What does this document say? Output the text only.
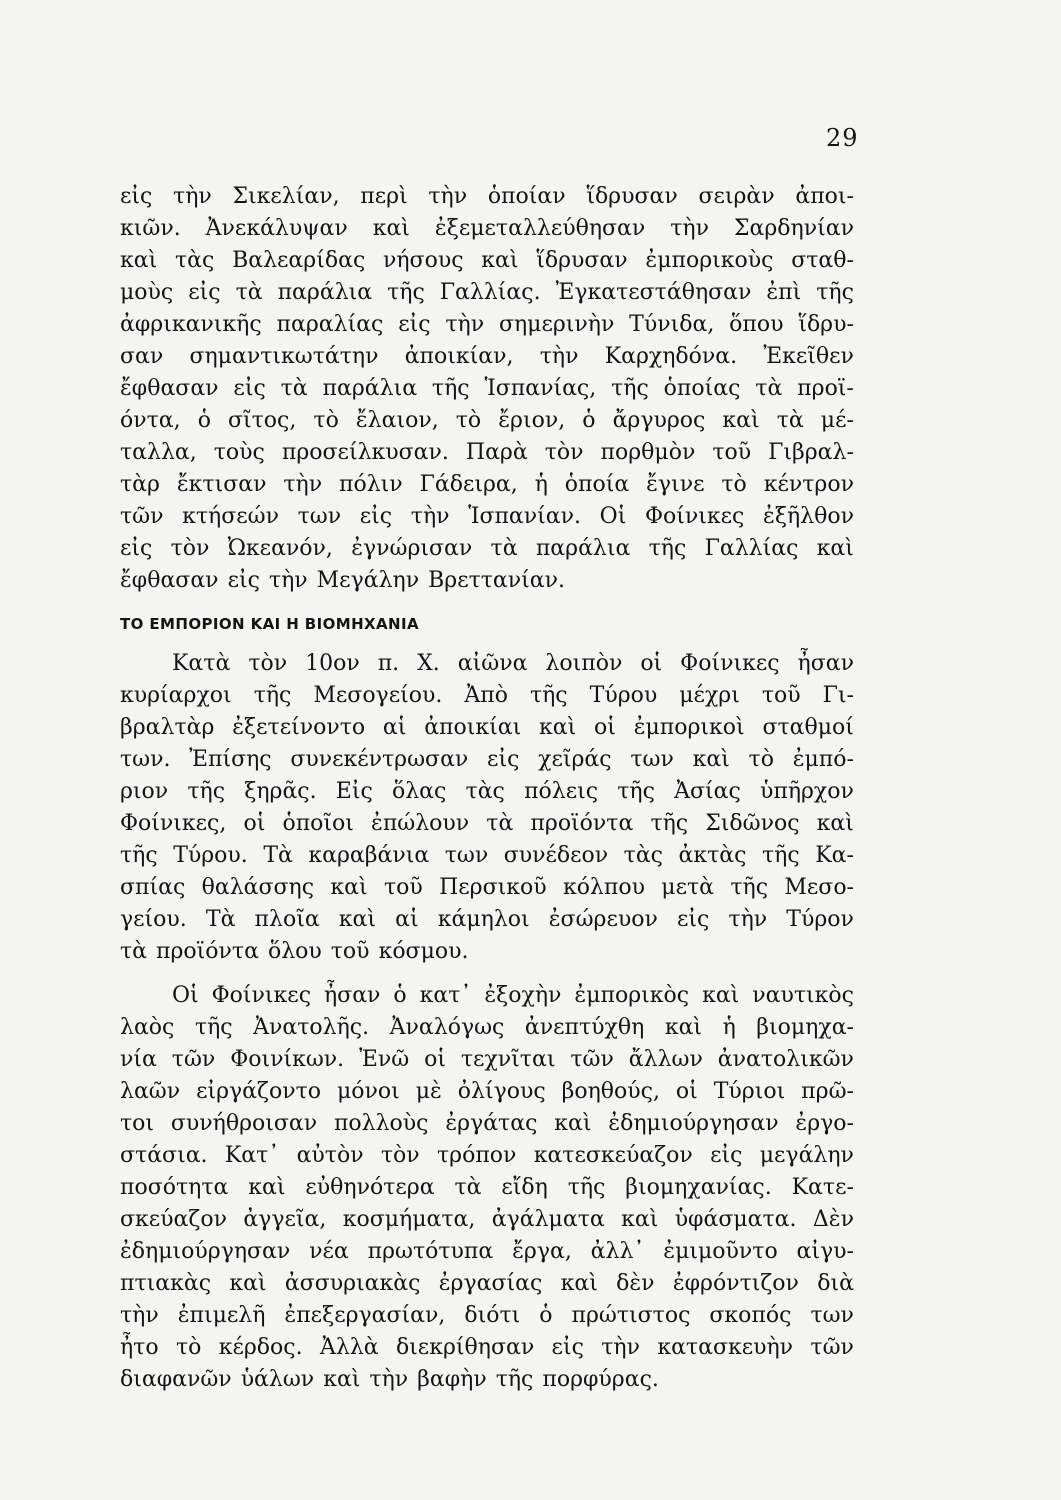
29
εἰς τὴν Σικελίαν, περὶ τὴν ὁποίαν ἵδρυσαν σειρὰν ἀποι-
κιῶν. Ἀνεκάλυψαν καὶ ἐξεμεταλλεύθησαν τὴν Σαρδηνίαν
καὶ τὰς Βαλεαρίδας νήσους καὶ ἵδρυσαν ἐμπορικοὺς σταθ-
μοὺς εἰς τὰ παράλια τῆς Γαλλίας. Ἐγκατεστάθησαν ἐπὶ τῆς
ἀφρικανικῆς παραλίας εἰς τὴν σημερινὴν Τύνιδα, ὅπου ἵδρυ-
σαν σημαντικωτάτην ἀποικίαν, τὴν Καρχηδόνα. Ἐκεῖθεν
ἔφθασαν εἰς τὰ παράλια τῆς Ἱσπανίας, τῆς ὁποίας τὰ προϊ-
όντα, ὁ σῖτος, τὸ ἔλαιον, τὸ ἔριον, ὁ ἄργυρος καὶ τὰ μέ-
ταλλα, τοὺς προσείλκυσαν. Παρὰ τὸν πορθμὸν τοῦ Γιβραλ-
τὰρ ἔκτισαν τὴν πόλιν Γάδειρα, ἡ ὁποία ἔγινε τὸ κέντρον
τῶν κτήσεών των εἰς τὴν Ἱσπανίαν. Οἱ Φοίνικες ἐξῆλθον
εἰς τὸν Ὠκεανόν, ἐγνώρισαν τὰ παράλια τῆς Γαλλίας καὶ
ἔφθασαν εἰς τὴν Μεγάλην Βρεττανίαν.
ΤΟ ΕΜΠΟΡΙΟΝ ΚΑΙ Η ΒΙΟΜΗΧΑΝΙΑ
Κατὰ τὸν 10ον π. Χ. αἰῶνα λοιπὸν οἱ Φοίνικες ἦσαν
κυρίαρχοι τῆς Μεσογείου. Ἀπὸ τῆς Τύρου μέχρι τοῦ Γι-
βραλτὰρ ἐξετείνοντο αἱ ἀποικίαι καὶ οἱ ἐμπορικοὶ σταθμοί
των. Ἐπίσης συνεκέντρωσαν εἰς χεῖράς των καὶ τὸ ἐμπό-
ριον τῆς ξηρᾶς. Εἰς ὅλας τὰς πόλεις τῆς Ἀσίας ὑπῆρχον
Φοίνικες, οἱ ὁποῖοι ἐπώλουν τὰ προϊόντα τῆς Σιδῶνος καὶ
τῆς Τύρου. Τὰ καραβάνια των συνέδεον τὰς ἀκτὰς τῆς Κα-
σπίας θαλάσσης καὶ τοῦ Περσικοῦ κόλπου μετὰ τῆς Μεσο-
γείου. Τὰ πλοῖα καὶ αἱ κάμηλοι ἐσώρευον εἰς τὴν Τύρον
τὰ προϊόντα ὅλου τοῦ κόσμου.
Οἱ Φοίνικες ἦσαν ὁ κατ᾽ ἐξοχὴν ἐμπορικὸς καὶ ναυτικὸς
λαὸς τῆς Ἀνατολῆς. Ἀναλόγως ἀνεπτύχθη καὶ ἡ βιομηχα-
νία τῶν Φοινίκων. Ἐνῶ οἱ τεχνῖται τῶν ἄλλων ἀνατολικῶν
λαῶν εἰργάζοντο μόνοι μὲ ὀλίγους βοηθούς, οἱ Τύριοι πρῶ-
τοι συνήθροισαν πολλοὺς ἐργάτας καὶ ἐδημιούργησαν ἐργο-
στάσια. Κατ᾽ αὐτὸν τὸν τρόπον κατεσκεύαζον εἰς μεγάλην
ποσότητα καὶ εὐθηνότερα τὰ εἴδη τῆς βιομηχανίας. Κατε-
σκεύαζον ἀγγεῖα, κοσμήματα, ἀγάλματα καὶ ὑφάσματα. Δὲν
ἐδημιούργησαν νέα πρωτότυπα ἔργα, ἀλλ᾽ ἐμιμοῦντο αἰγυ-
πτιακὰς καὶ ἀσσυριακὰς ἐργασίας καὶ δὲν ἐφρόντιζον διὰ
τὴν ἐπιμελῆ ἐπεξεργασίαν, διότι ὁ πρώτιστος σκοπός των
ἦτο τὸ κέρδος. Ἀλλὰ διεκρίθησαν εἰς τὴν κατασκευὴν τῶν
διαφανῶν ὑάλων καὶ τὴν βαφὴν τῆς πορφύρας.
